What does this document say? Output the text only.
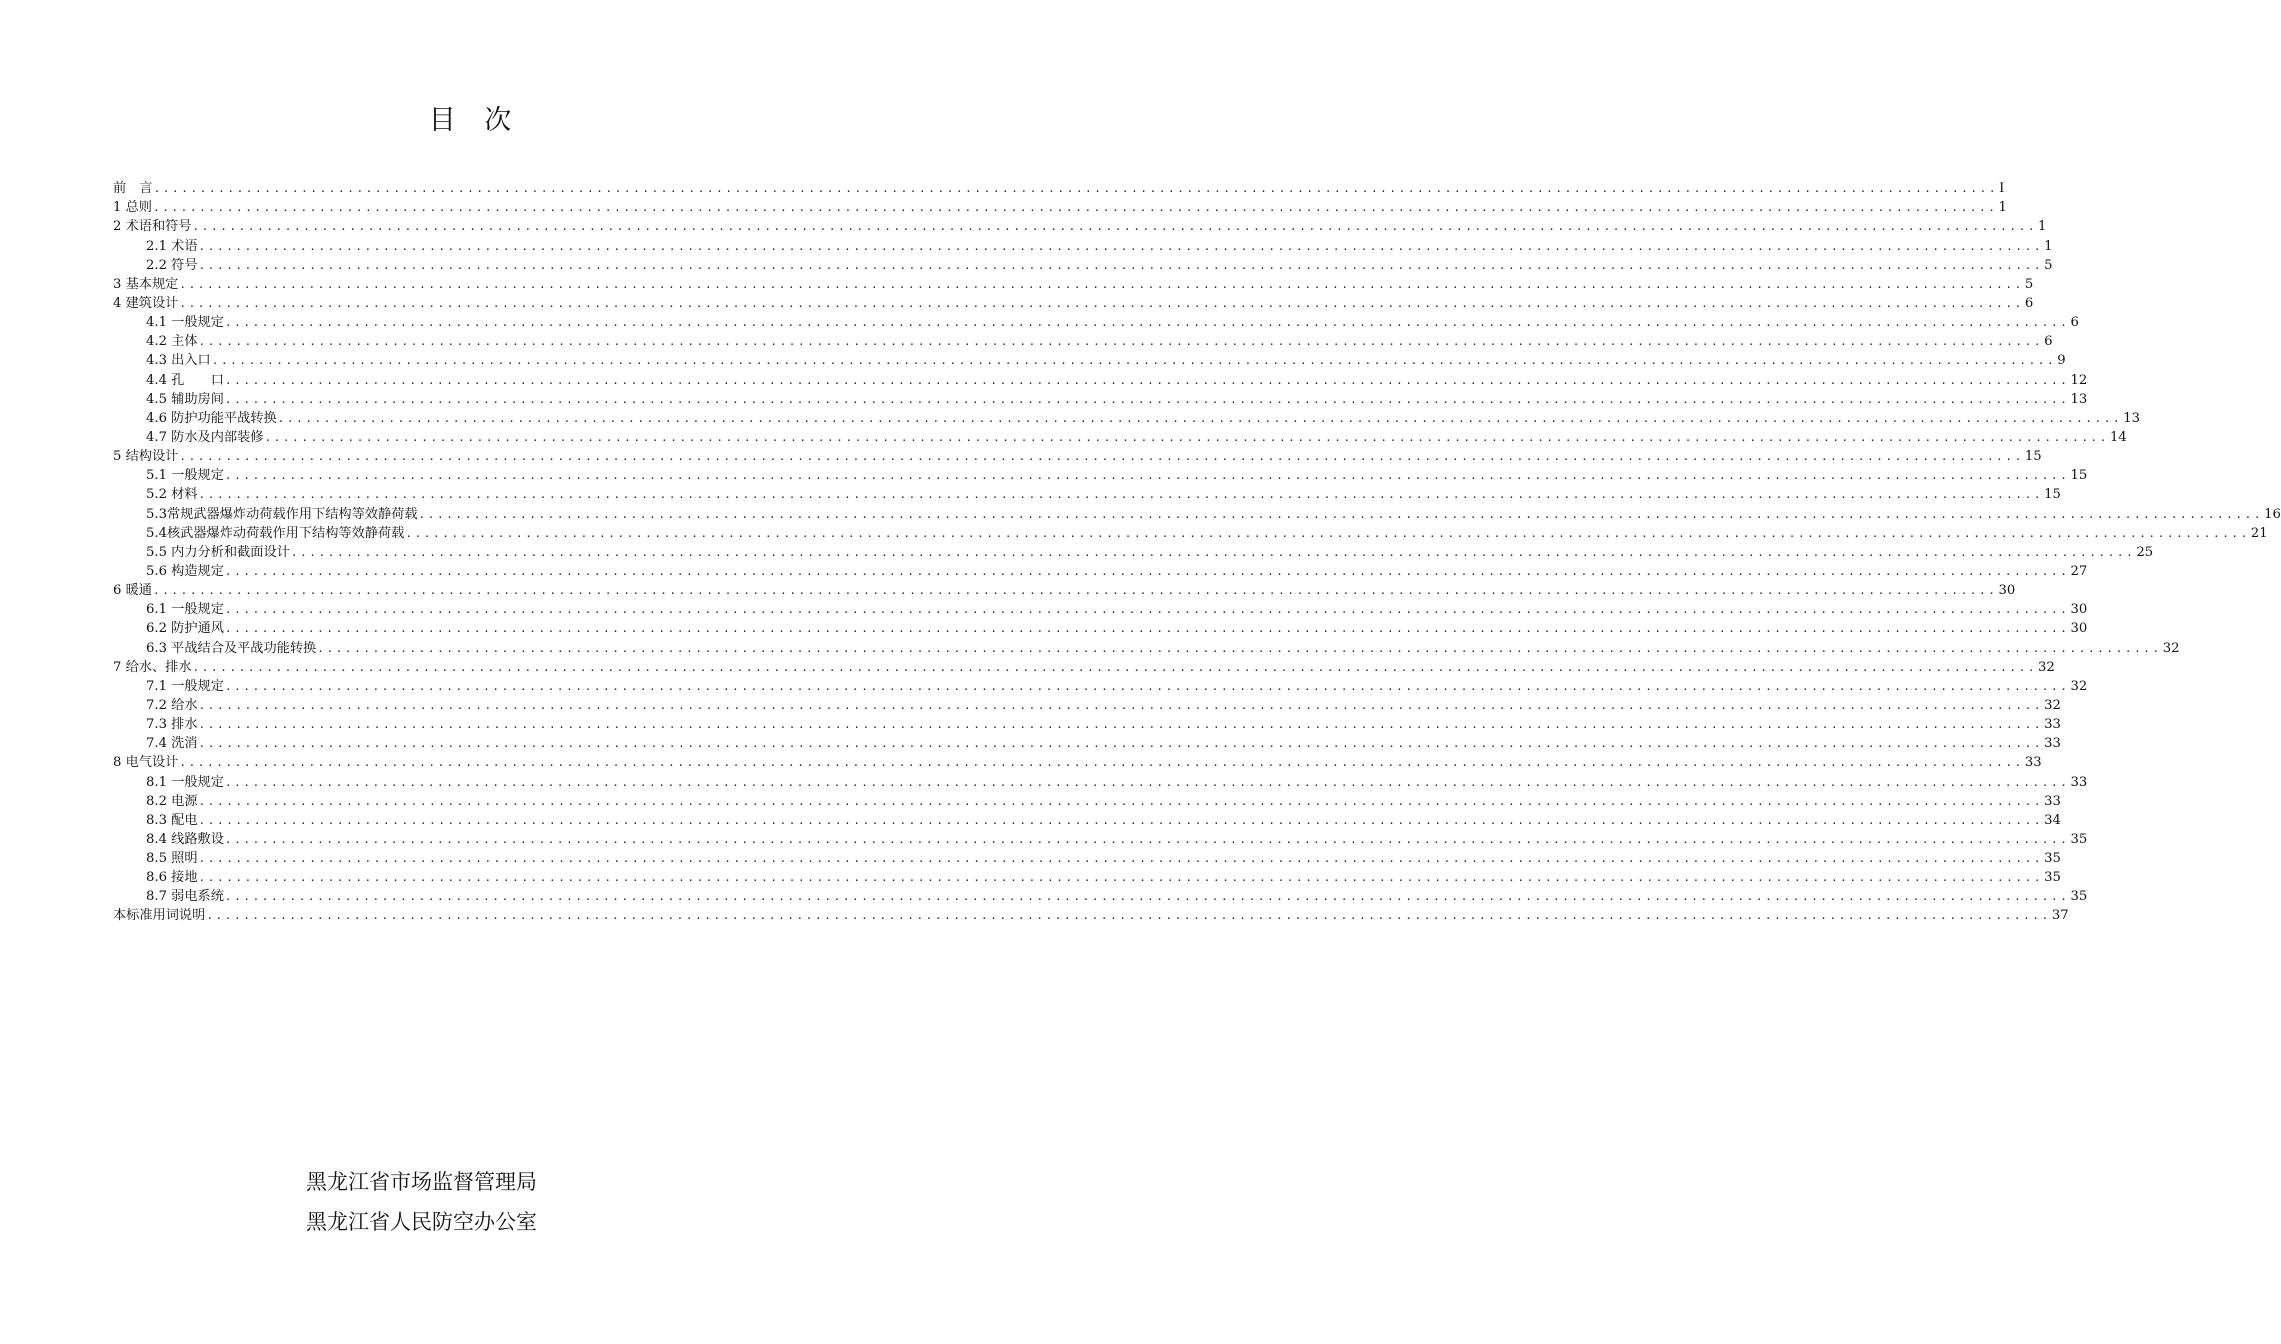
目 次
前　言 ........................................................................................................................................................................................................ I
1 总则 ........................................................................................................................................................................................................ 1
2 术语和符号 ........................................................................................................................................................................................................ 1
2.1 术语 ........................................................................................................................................................................................................ 1
2.2 符号 ........................................................................................................................................................................................................ 5
3 基本规定 ........................................................................................................................................................................................................ 5
4 建筑设计 ........................................................................................................................................................................................................ 6
4.1 一般规定 ........................................................................................................................................................................................................ 6
4.2 主体 ........................................................................................................................................................................................................ 6
4.3 出入口 ........................................................................................................................................................................................................ 9
4.4 孔　　口 ........................................................................................................................................................................................................ 12
4.5 辅助房间 ........................................................................................................................................................................................................ 13
4.6 防护功能平战转换 ........................................................................................................................................................................................................ 13
4.7 防水及内部装修 ........................................................................................................................................................................................................ 14
5 结构设计 ........................................................................................................................................................................................................ 15
5.1 一般规定 ........................................................................................................................................................................................................ 15
5.2 材料 ........................................................................................................................................................................................................ 15
5.3常规武器爆炸动荷载作用下结构等效静荷载 ........................................................................................................................................................................................................ 16
5.4核武器爆炸动荷载作用下结构等效静荷载 ........................................................................................................................................................................................................ 21
5.5 内力分析和截面设计 ........................................................................................................................................................................................................ 25
5.6 构造规定 ........................................................................................................................................................................................................ 27
6 暖通 ........................................................................................................................................................................................................ 30
6.1 一般规定 ........................................................................................................................................................................................................ 30
6.2 防护通风 ........................................................................................................................................................................................................ 30
6.3 平战结合及平战功能转换 ........................................................................................................................................................................................................ 32
7 给水、排水 ........................................................................................................................................................................................................ 32
7.1 一般规定 ........................................................................................................................................................................................................ 32
7.2 给水 ........................................................................................................................................................................................................ 32
7.3 排水 ........................................................................................................................................................................................................ 33
7.4 洗消 ........................................................................................................................................................................................................ 33
8 电气设计 ........................................................................................................................................................................................................ 33
8.1 一般规定 ........................................................................................................................................................................................................ 33
8.2 电源 ........................................................................................................................................................................................................ 33
8.3 配电 ........................................................................................................................................................................................................ 34
8.4 线路敷设 ........................................................................................................................................................................................................ 35
8.5 照明 ........................................................................................................................................................................................................ 35
8.6 接地 ........................................................................................................................................................................................................ 35
8.7 弱电系统 ........................................................................................................................................................................................................ 35
本标准用词说明 ........................................................................................................................................................................................................ 37
黑龙江省市场监督管理局
黑龙江省人民防空办公室
